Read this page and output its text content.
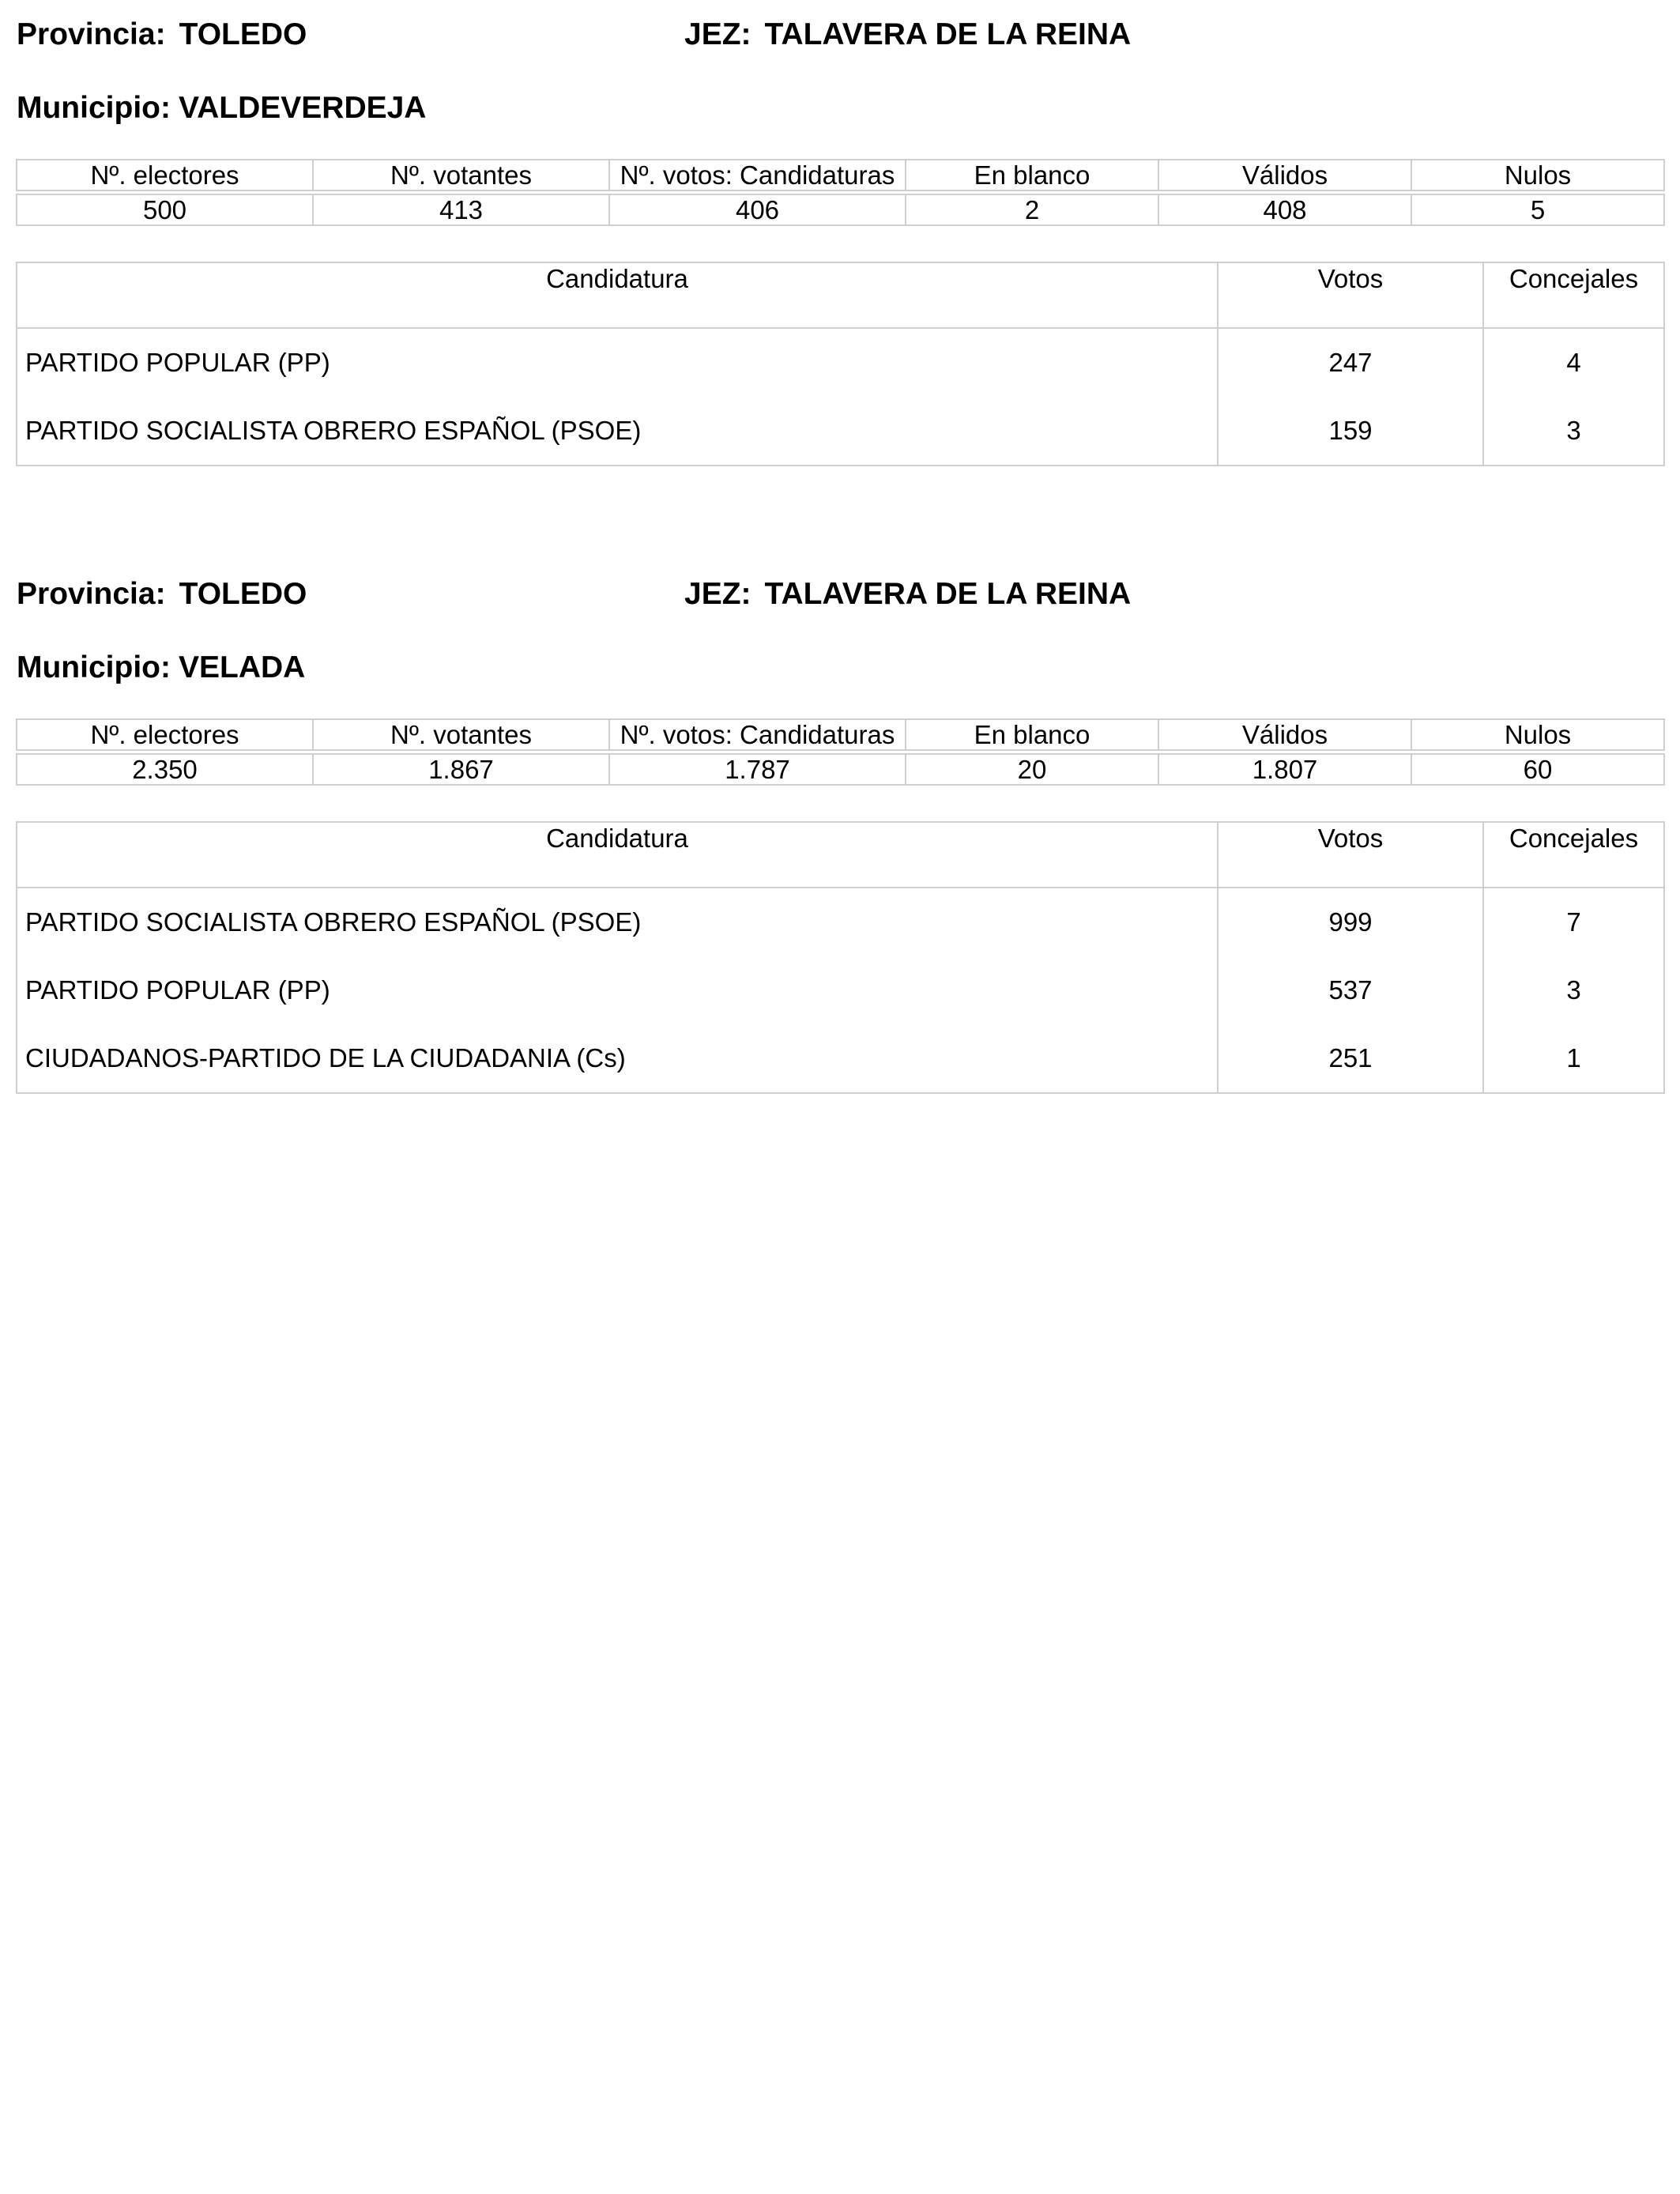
Provincia: TOLEDO	JEZ: TALAVERA DE LA REINA
Municipio: VALDEVERDEJA
Nº. electores	Nº. votantes	Nº. votos: Candidaturas	En blanco	Válidos	Nulos

500	413	406	2	408	5
Candidatura	Votos	Concejales
PARTIDO POPULAR (PP)	247	4
PARTIDO SOCIALISTA OBRERO ESPAÑOL (PSOE)	159	3
Provincia: TOLEDO	JEZ: TALAVERA DE LA REINA
Municipio: VELADA
Nº. electores	Nº. votantes	Nº. votos: Candidaturas	En blanco	Válidos	Nulos

2.350	1.867	1.787	20	1.807	60
Candidatura	Votos	Concejales
PARTIDO SOCIALISTA OBRERO ESPAÑOL (PSOE)	999	7
PARTIDO POPULAR (PP)	537	3
CIUDADANOS-PARTIDO DE LA CIUDADANIA (Cs)	251	1
